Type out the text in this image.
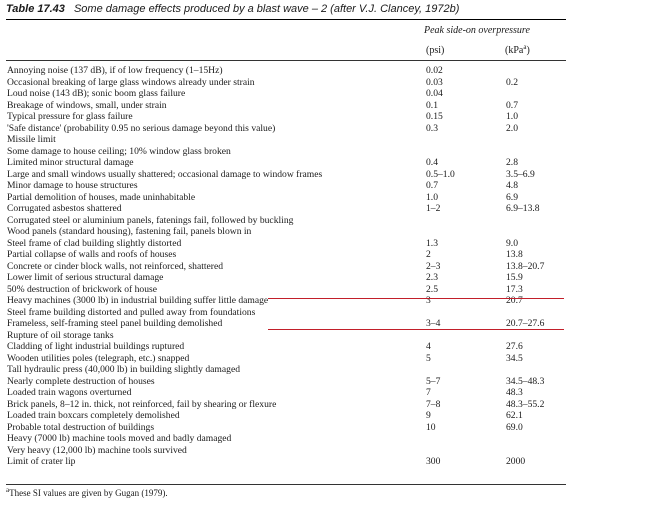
Table 17.43 Some damage effects produced by a blast wave – 2 (after V.J. Clancey, 1972b)
Peak side-on overpressure
(psi)	(kPa$^a$)
Annoying noise (137 dB), if of low frequency (1–15Hz)	0.02
Occasional breaking of large glass windows already under strain	0.03	0.2
Loud noise (143 dB); sonic boom glass failure	0.04
Breakage of windows, small, under strain	0.1	0.7
Typical pressure for glass failure	0.15	1.0
'Safe distance' (probability 0.95 no serious damage beyond this value)	0.3	2.0
Missile limit
Some damage to house ceiling; 10% window glass broken
Limited minor structural damage	0.4	2.8
Large and small windows usually shattered; occasional damage to window frames	0.5–1.0	3.5–6.9
Minor damage to house structures	0.7	4.8
Partial demolition of houses, made uninhabitable	1.0	6.9
Corrugated asbestos shattered	1–2	6.9–13.8
Corrugated steel or aluminium panels, fatenings fail, followed by buckling
Wood panels (standard housing), fastening fail, panels blown in
Steel frame of clad building slightly distorted	1.3	9.0
Partial collapse of walls and roofs of houses	2	13.8
Concrete or cinder block walls, not reinforced, shattered	2–3	13.8–20.7
Lower limit of serious structural damage	2.3	15.9
50% destruction of brickwork of house	2.5	17.3
Heavy machines (3000 lb) in industrial building suffer little damage	3	20.7
Steel frame building distorted and pulled away from foundations
Frameless, self-framing steel panel building demolished	3–4	20.7–27.6
Rupture of oil storage tanks
Cladding of light industrial buildings ruptured	4	27.6
Wooden utilities poles (telegraph, etc.) snapped	5	34.5
Tall hydraulic press (40,000 lb) in building slightly damaged
Nearly complete destruction of houses	5–7	34.5–48.3
Loaded train wagons overturned	7	48.3
Brick panels, 8–12 in. thick, not reinforced, fail by shearing or flexure	7–8	48.3–55.2
Loaded train boxcars completely demolished	9	62.1
Probable total destruction of buildings	10	69.0
Heavy (7000 lb) machine tools moved and badly damaged
Very heavy (12,000 lb) machine tools survived
Limit of crater lip	300	2000
$^a$These SI values are given by Gugan (1979).
